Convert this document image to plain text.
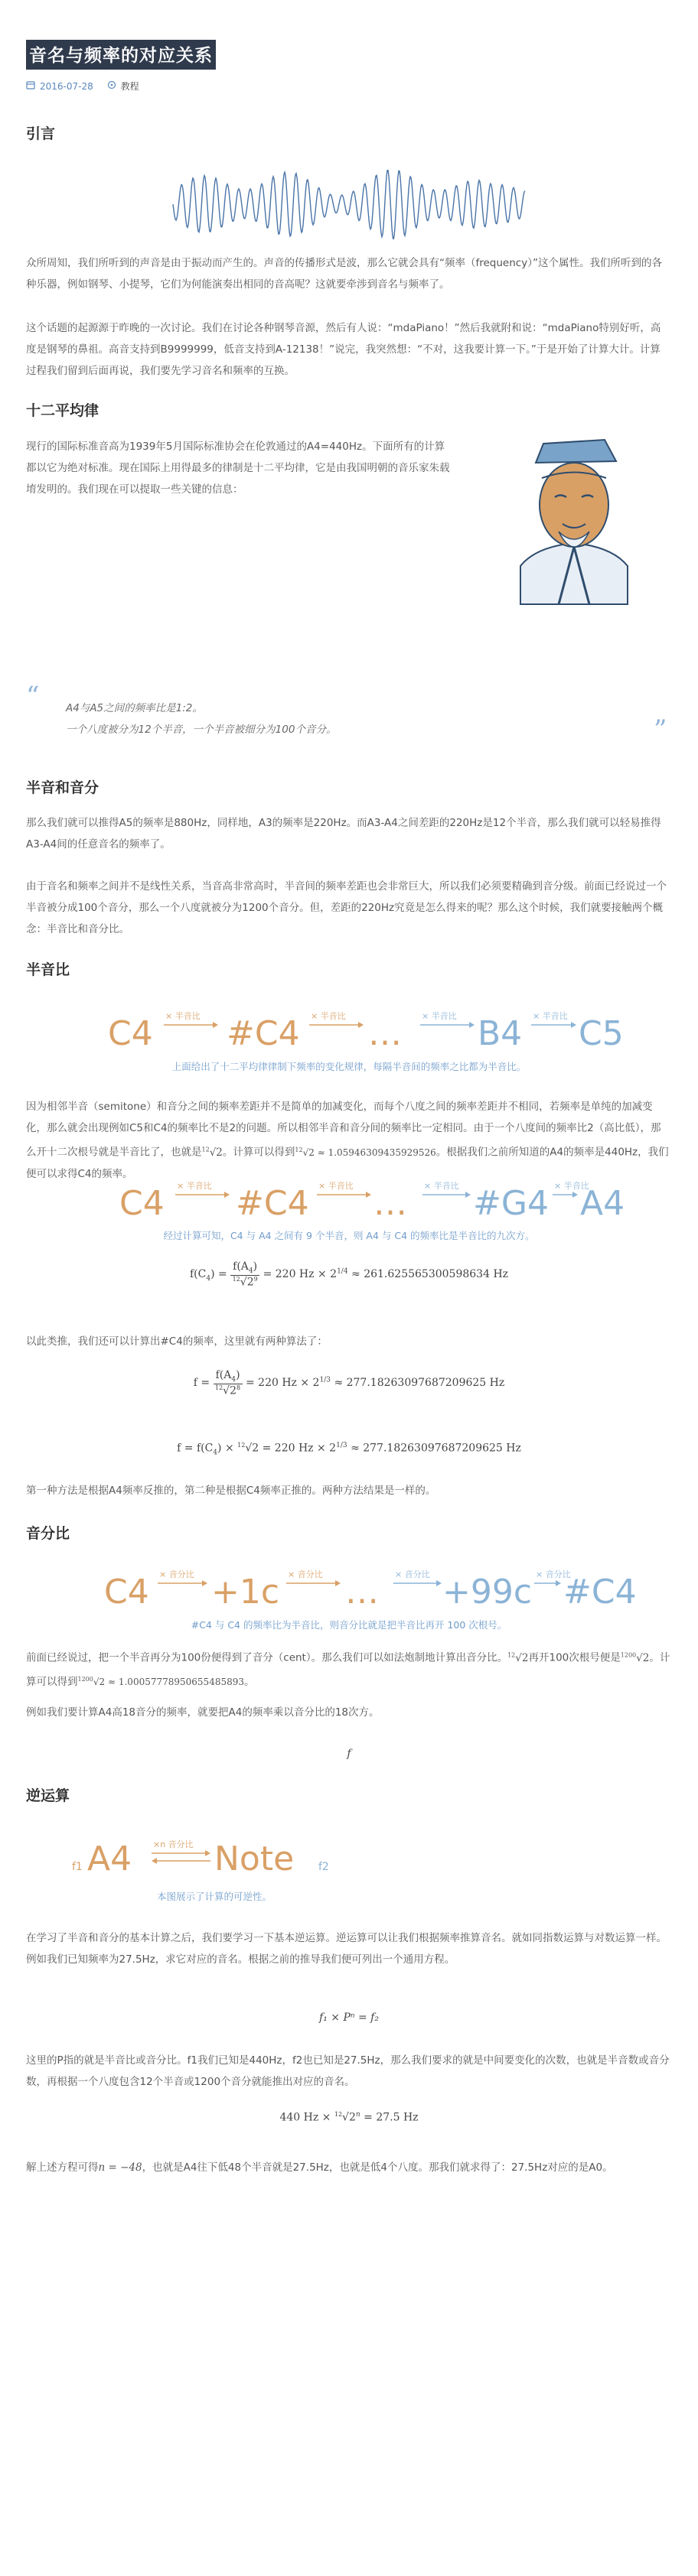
音名与频率的对应关系
2016-07-28	教程
引言

众所周知，我们所听到的声音是由于振动而产生的。声音的传播形式是波，那么它就会具有“频率（frequency）”这个属性。我们所听到的各种乐器，例如钢琴、小提琴，它们为何能演奏出相同的音高呢？这就要牵涉到音名与频率了。

这个话题的起源源于昨晚的一次讨论。我们在讨论各种钢琴音源，然后有人说：“mdaPiano！”然后我就附和说：“mdaPiano特别好听，高度是钢琴的鼻祖。高音支持到B9999999，低音支持到A-12138！”说完，我突然想：“不对，这我要计算一下。”于是开始了计算大计。计算过程我们留到后面再说，我们要先学习音名和频率的互换。

十二平均律

现行的国际标准音高为1939年5月国际标准协会在伦敦通过的A4=440Hz。下面所有的计算都以它为绝对标准。现在国际上用得最多的律制是十二平均律，它是由我国明朝的音乐家朱载堉发明的。我们现在可以提取一些关键的信息：

“	A4与A5之间的频率比是1:2。
一个八度被分为12个半音，一个半音被细分为100个音分。	”
半音和音分

那么我们就可以推得A5的频率是880Hz，同样地，A3的频率是220Hz。而A3-A4之间差距的220Hz是12个半音，那么我们就可以轻易推得A3-A4间的任意音名的频率了。

由于音名和频率之间并不是线性关系，当音高非常高时，半音间的频率差距也会非常巨大，所以我们必须要精确到音分级。前面已经说过一个半音被分成100个音分，那么一个八度就被分为1200个音分。但，差距的220Hz究竟是怎么得来的呢？那么这个时候，我们就要接触两个概念：半音比和音分比。

半音比
C4 × 半音比 #C4 × 半音比 … × 半音比 B4 × 半音比 C5
上面给出了十二平均律律制下频率的变化规律，每隔半音间的频率之比都为半音比。
因为相邻半音（semitone）和音分之间的频率差距并不是简单的加减变化，而每个八度之间的频率差距并不相同，若频率是单纯的加减变化，那么就会出现例如C5和C4的频率比不是2的问题。所以相邻半音和音分间的频率比一定相同。由于一个八度间的频率比2（高比低），那么开十二次根号就是半音比了，也就是$^{12}$√2。计算可以得到$^{12}$√2 ≈ 1.05946309435929526。根据我们之前所知道的A4的频率是440Hz，我们便可以求得C4的频率。
C4 × 半音比 #C4 × 半音比 … × 半音比 #G4 × 半音比
A4
经过计算可知，C4 与 A4 之间有 9 个半音，则 A4 与 C4 的频率比是半音比的九次方。
$f(C_4) = \frac{f(A_4)}{^{12}√2^9} = 220$ $Hz \times 2^{1/4} \approx 261.625565300598634$ Hz

以此类推，我们还可以计算出#C4的频率，这里就有两种算法了：

$f = \frac{f(A_4)}{^{12}√2^8} = 220$ $Hz \times 2^{1/3} \approx 277.18263097687209625$ Hz
$f = f(C_4) \times ^{12}√2 = 220$ $Hz \times 2^{1/3} \approx 277.18263097687209625$ Hz

第一种方法是根据A4频率反推的，第二种是根据C4频率正推的。两种方法结果是一样的。

音分比
C4 × 音分比 +1c × 音分比 … × 音分比 +99c × 音分比
#C4
#C4 与 C4 的频率比为半音比，则音分比就是把半音比再开 100 次根号。
前面已经说过，把一个半音再分为100份便得到了音分（cent）。那么我们可以如法炮制地计算出音分比。$^{12}$√2再开100次根号便是$^{1200}$√2。计算可以得到$^{1200}$√2 ≈ 1.00057778950655485893。

例如我们要计算A4高18音分的频率，就要把A4的频率乘以音分比的18次方。

f
逆运算
f1 A4	×n 音分比 Note f2
本图展示了计算的可逆性。

在学习了半音和音分的基本计算之后，我们要学习一下基本逆运算。逆运算可以让我们根据频率推算音名。就如同指数运算与对数运算一样。例如我们已知频率为27.5Hz，求它对应的音名。根据之前的推导我们便可列出一个通用方程。

f₁ × Pⁿ = f₂

这里的P指的就是半音比或音分比。f1我们已知是440Hz，f2也已知是27.5Hz，那么我们要求的就是中间要变化的次数，也就是半音数或音分数，再根据一个八度包含12个半音或1200个音分就能推出对应的音名。

440 $Hz \times ^{12}√2^n = 27.5$ Hz
解上述方程可得n = −48，也就是A4往下低48个半音就是27.5Hz，也就是低4个八度。那我们就求得了：27.5Hz对应的是A0。
